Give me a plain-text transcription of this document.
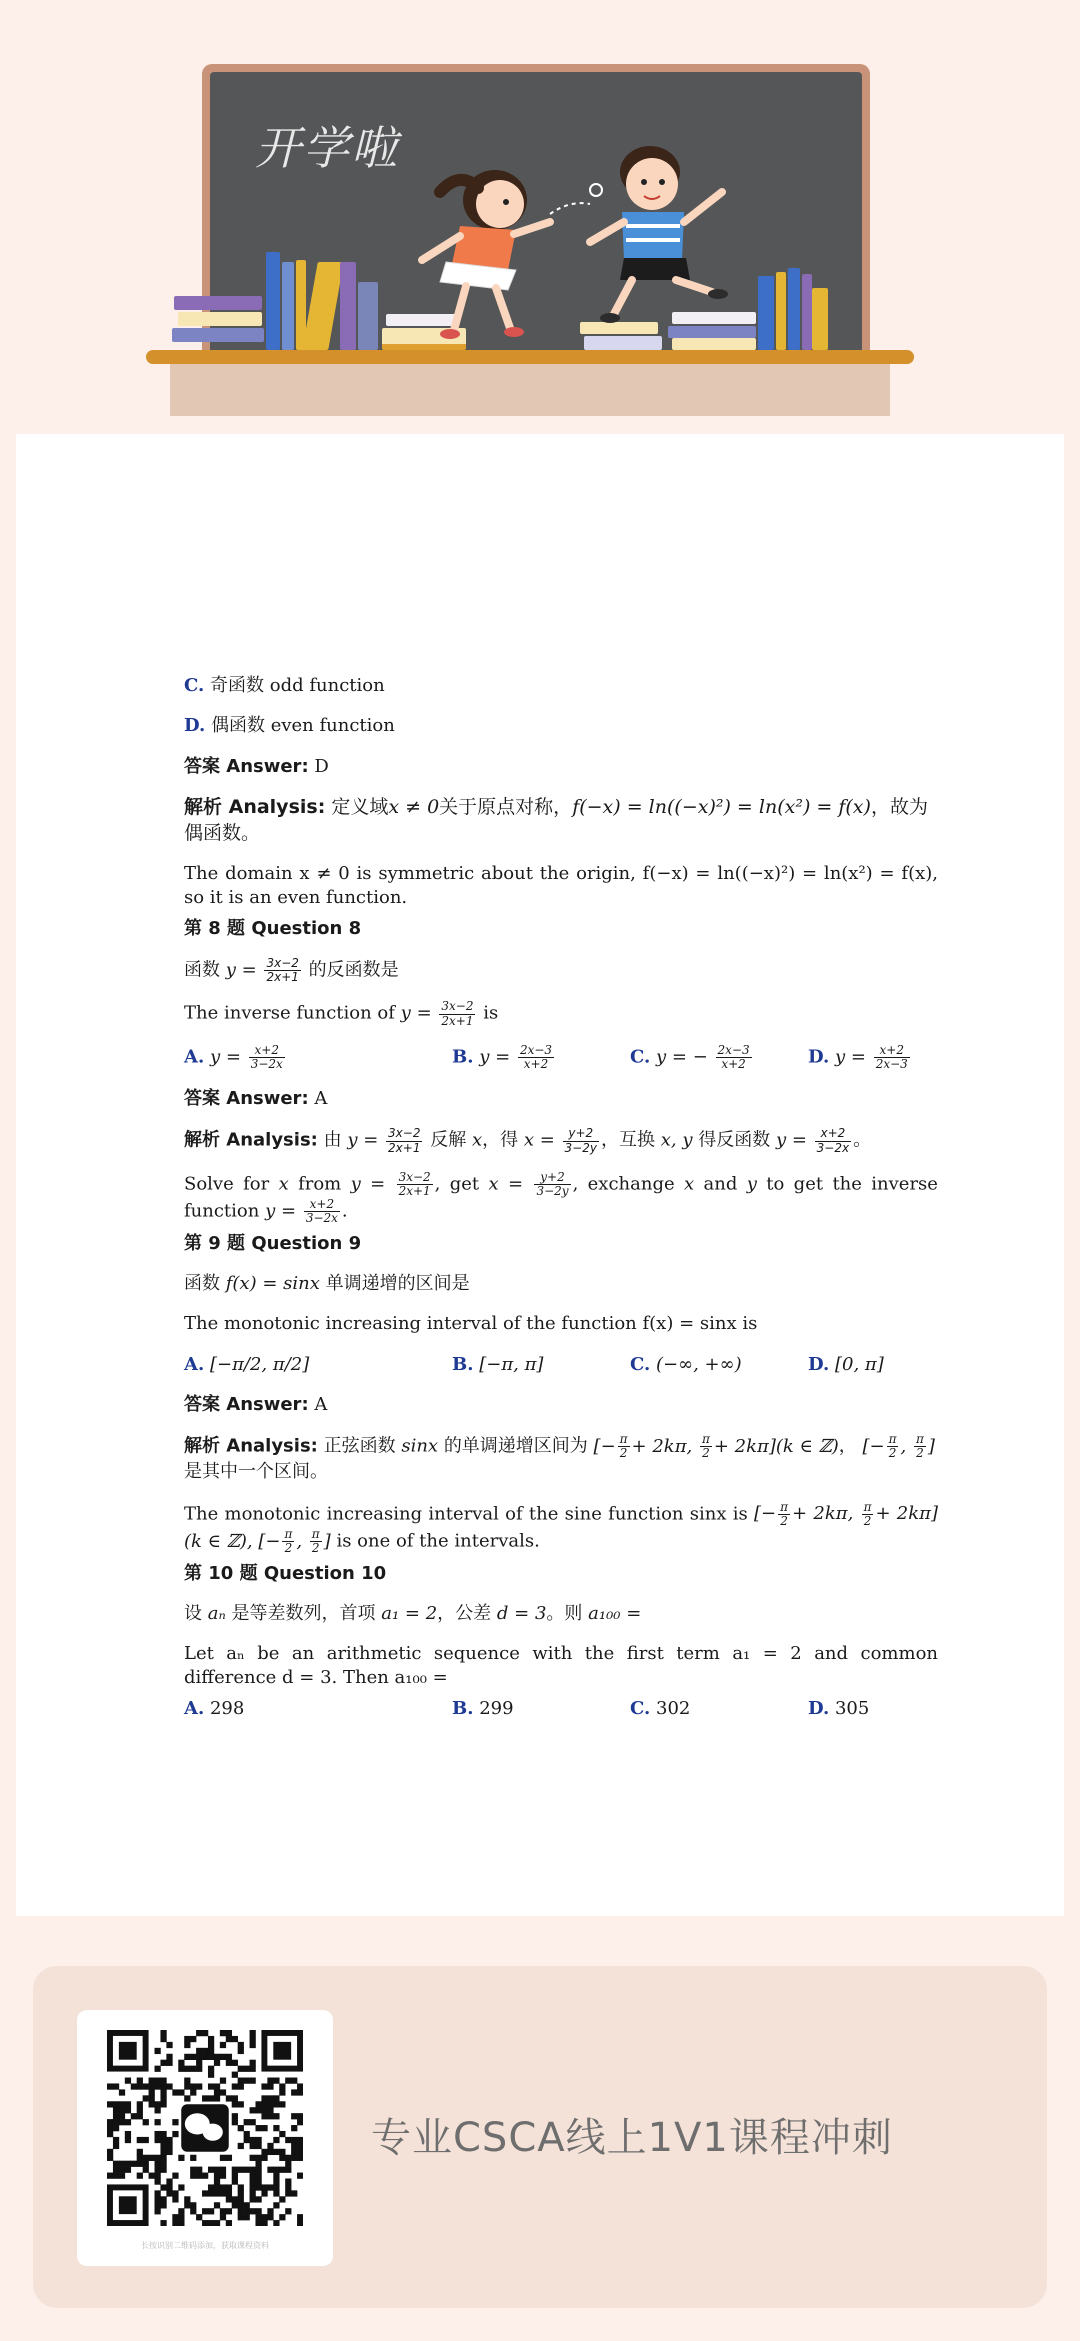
开学啦
C. 奇函数 odd function
D. 偶函数 even function
答案 Answer: D
解析 Analysis: 定义域x ≠ 0关于原点对称，f(−x) = ln((−x)²) = ln(x²) = f(x)，故为偶函数。
The domain x ≠ 0 is symmetric about the origin, f(−x) = ln((−x)²) = ln(x²) = f(x), so it is an even function.
第 8 题 Question 8
函数 $y = \frac{3x-2}{2x+1}$ 的反函数是
The inverse function of $y = \frac{3x-2}{2x+1}$ is
A. $y = \frac{x+2}{3-2x}$	B. $y = \frac{2x-3}{x+2}$	C. y = − $\frac{2x-3}{x+2}$	D. $y = \frac{x+2}{2x-3}$
答案 Answer: A
解析 Analysis: 由 $y = \frac{3x-2}{2x+1}$ 反解 x，得 $x = \frac{y+2}{3-2y}$ ，互换 x, y 得反函数 $y = \frac{x+2}{3-2x}$ 。
Solve for x from $y = \frac{3x-2}{2x+1}$ , get $x = \frac{y+2}{3-2y}$ , exchange x and y to get the inverse function $y = \frac{x+2}{3-2x}$ .
第 9 题 Question 9
函数 f(x) = sinx 单调递增的区间是
The monotonic increasing interval of the function f(x) = sinx is
A. [−π/2, π/2]	B. [−π, π]	C. (−∞, +∞)	D. [0, π]
答案 Answer: A
解析 Analysis: 正弦函数 sinx 的单调递增区间为 [− $\frac{\pi}{2} + 2k\pi$, $\frac{\pi}{2} + 2k\pi](k$ ∈ ℤ)， [− $\frac{\pi}{2}$ , $\frac{\pi}{2}$ ] 是其中一个区间。
The monotonic increasing interval of the sine function sinx is [− $\frac{\pi}{2} + 2k\pi$, $\frac{\pi}{2} + 2k\pi](k$ ∈ ℤ), [− $\frac{\pi}{2}$ , $\frac{\pi}{2}$ ] is one of the intervals.
第 10 题 Question 10
设 aₙ 是等差数列，首项 a₁ = 2，公差 d = 3。则 a₁₀₀ =
Let aₙ be an arithmetic sequence with the first term a₁ = 2 and common difference d = 3. Then a₁₀₀ =
A. 298	B. 299	C. 302	D. 305
长按识别二维码添加，获取课程资料
专业CSCA线上1V1课程冲刺
